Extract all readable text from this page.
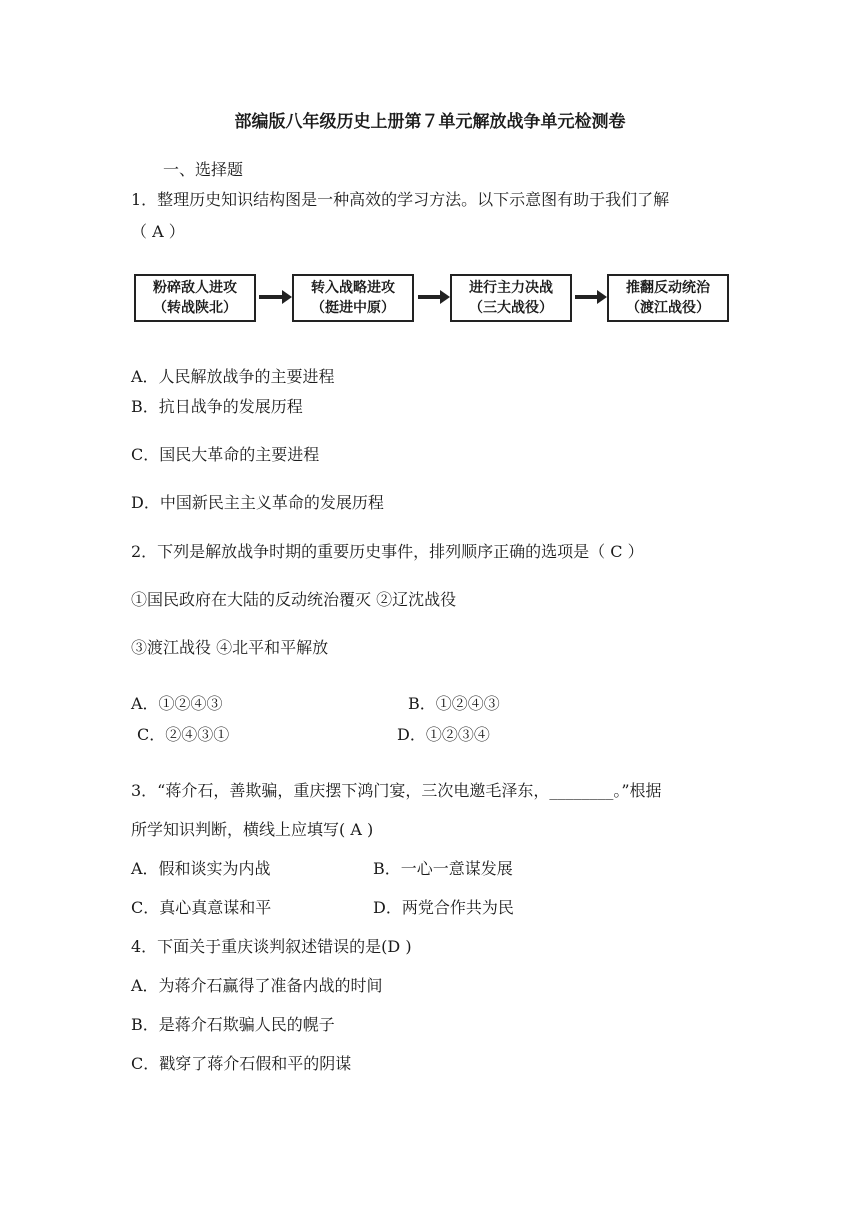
部编版八年级历史上册第７单元解放战争单元检测卷
一、选择题
1．整理历史知识结构图是一种高效的学习方法。以下示意图有助于我们了解
（ A ）
粉碎敌人进攻
（转战陕北）
转入战略进攻
（挺进中原）
进行主力决战
（三大战役）
推翻反动统治
（渡江战役）
A．人民解放战争的主要进程
B．抗日战争的发展历程
C．国民大革命的主要进程
D．中国新民主主义革命的发展历程
2．下列是解放战争时期的重要历史事件，排列顺序正确的选项是（ C ）
①国民政府在大陆的反动统治覆灭 ②辽沈战役
③渡江战役 ④北平和平解放
A．①②④③	B．①②④③
C．②④③①	D．①②③④
3．“蒋介石，善欺骗，重庆摆下鸿门宴，三次电邀毛泽东，________。”根据
所学知识判断，横线上应填写( A )
A．假和谈实为内战	B．一心一意谋发展
C．真心真意谋和平	D．两党合作共为民
4．下面关于重庆谈判叙述错误的是(D )
A．为蒋介石赢得了准备内战的时间
B．是蒋介石欺骗人民的幌子
C．戳穿了蒋介石假和平的阴谋
